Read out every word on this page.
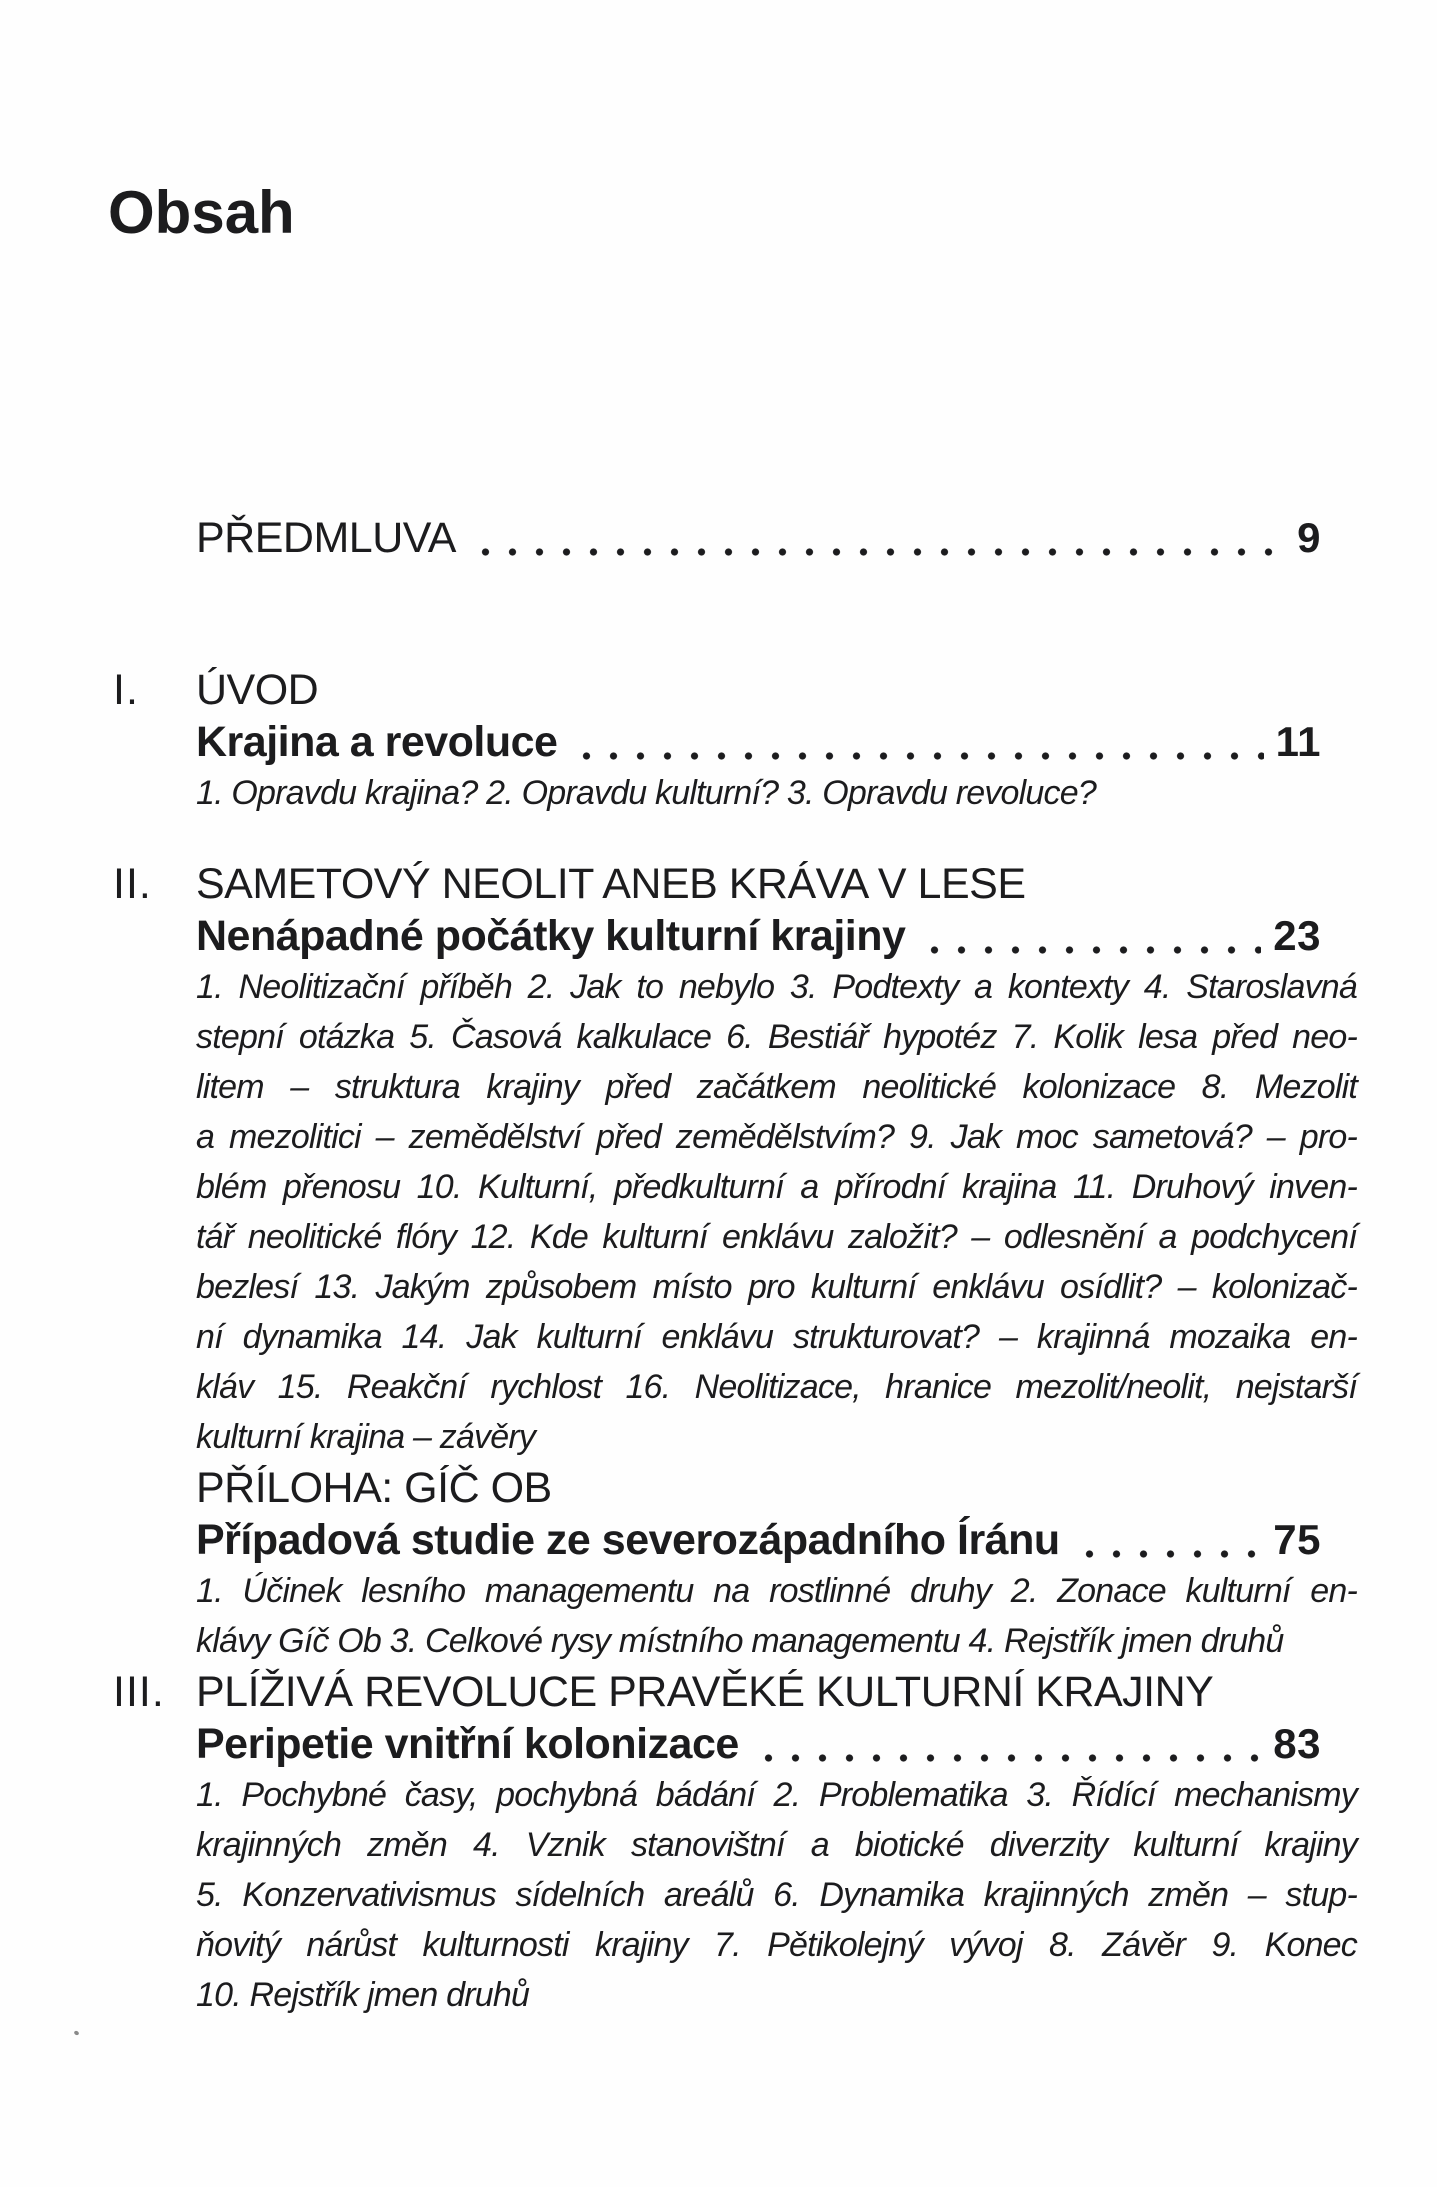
Obsah
PŘEDMLUVA	9
I. ÚVOD
Krajina a revoluce	11
1. Opravdu krajina? 2. Opravdu kulturní? 3. Opravdu revoluce?
II. SAMETOVÝ NEOLIT ANEB KRÁVA V LESE
Nenápadné počátky kulturní krajiny	23
1. Neolitizační příběh 2. Jak to nebylo 3. Podtexty a kontexty 4. Staroslavná
stepní otázka 5. Časová kalkulace 6. Bestiář hypotéz 7. Kolik lesa před neo-
litem – struktura krajiny před začátkem neolitické kolonizace 8. Mezolit
a mezolitici – zemědělství před zemědělstvím? 9. Jak moc sametová? – pro-
blém přenosu 10. Kulturní, předkulturní a přírodní krajina 11. Druhový inven-
tář neolitické flóry 12. Kde kulturní enklávu založit? – odlesnění a podchycení
bezlesí 13. Jakým způsobem místo pro kulturní enklávu osídlit? – kolonizač-
ní dynamika 14. Jak kulturní enklávu strukturovat? – krajinná mozaika en-
kláv 15. Reakční rychlost 16. Neolitizace, hranice mezolit/neolit, nejstarší
kulturní krajina – závěry
PŘÍLOHA: GÍČ OB
Případová studie ze severozápadního Íránu	75
1. Účinek lesního managementu na rostlinné druhy 2. Zonace kulturní en-
klávy Gíč Ob 3. Celkové rysy místního managementu 4. Rejstřík jmen druhů
III. PLÍŽIVÁ REVOLUCE PRAVĚKÉ KULTURNÍ KRAJINY
Peripetie vnitřní kolonizace	83
1. Pochybné časy, pochybná bádání 2. Problematika 3. Řídící mechanismy
krajinných změn 4. Vznik stanovištní a biotické diverzity kulturní krajiny
5. Konzervativismus sídelních areálů 6. Dynamika krajinných změn – stup-
ňovitý nárůst kulturnosti krajiny 7. Pětikolejný vývoj 8. Závěr 9. Konec
10. Rejstřík jmen druhů
